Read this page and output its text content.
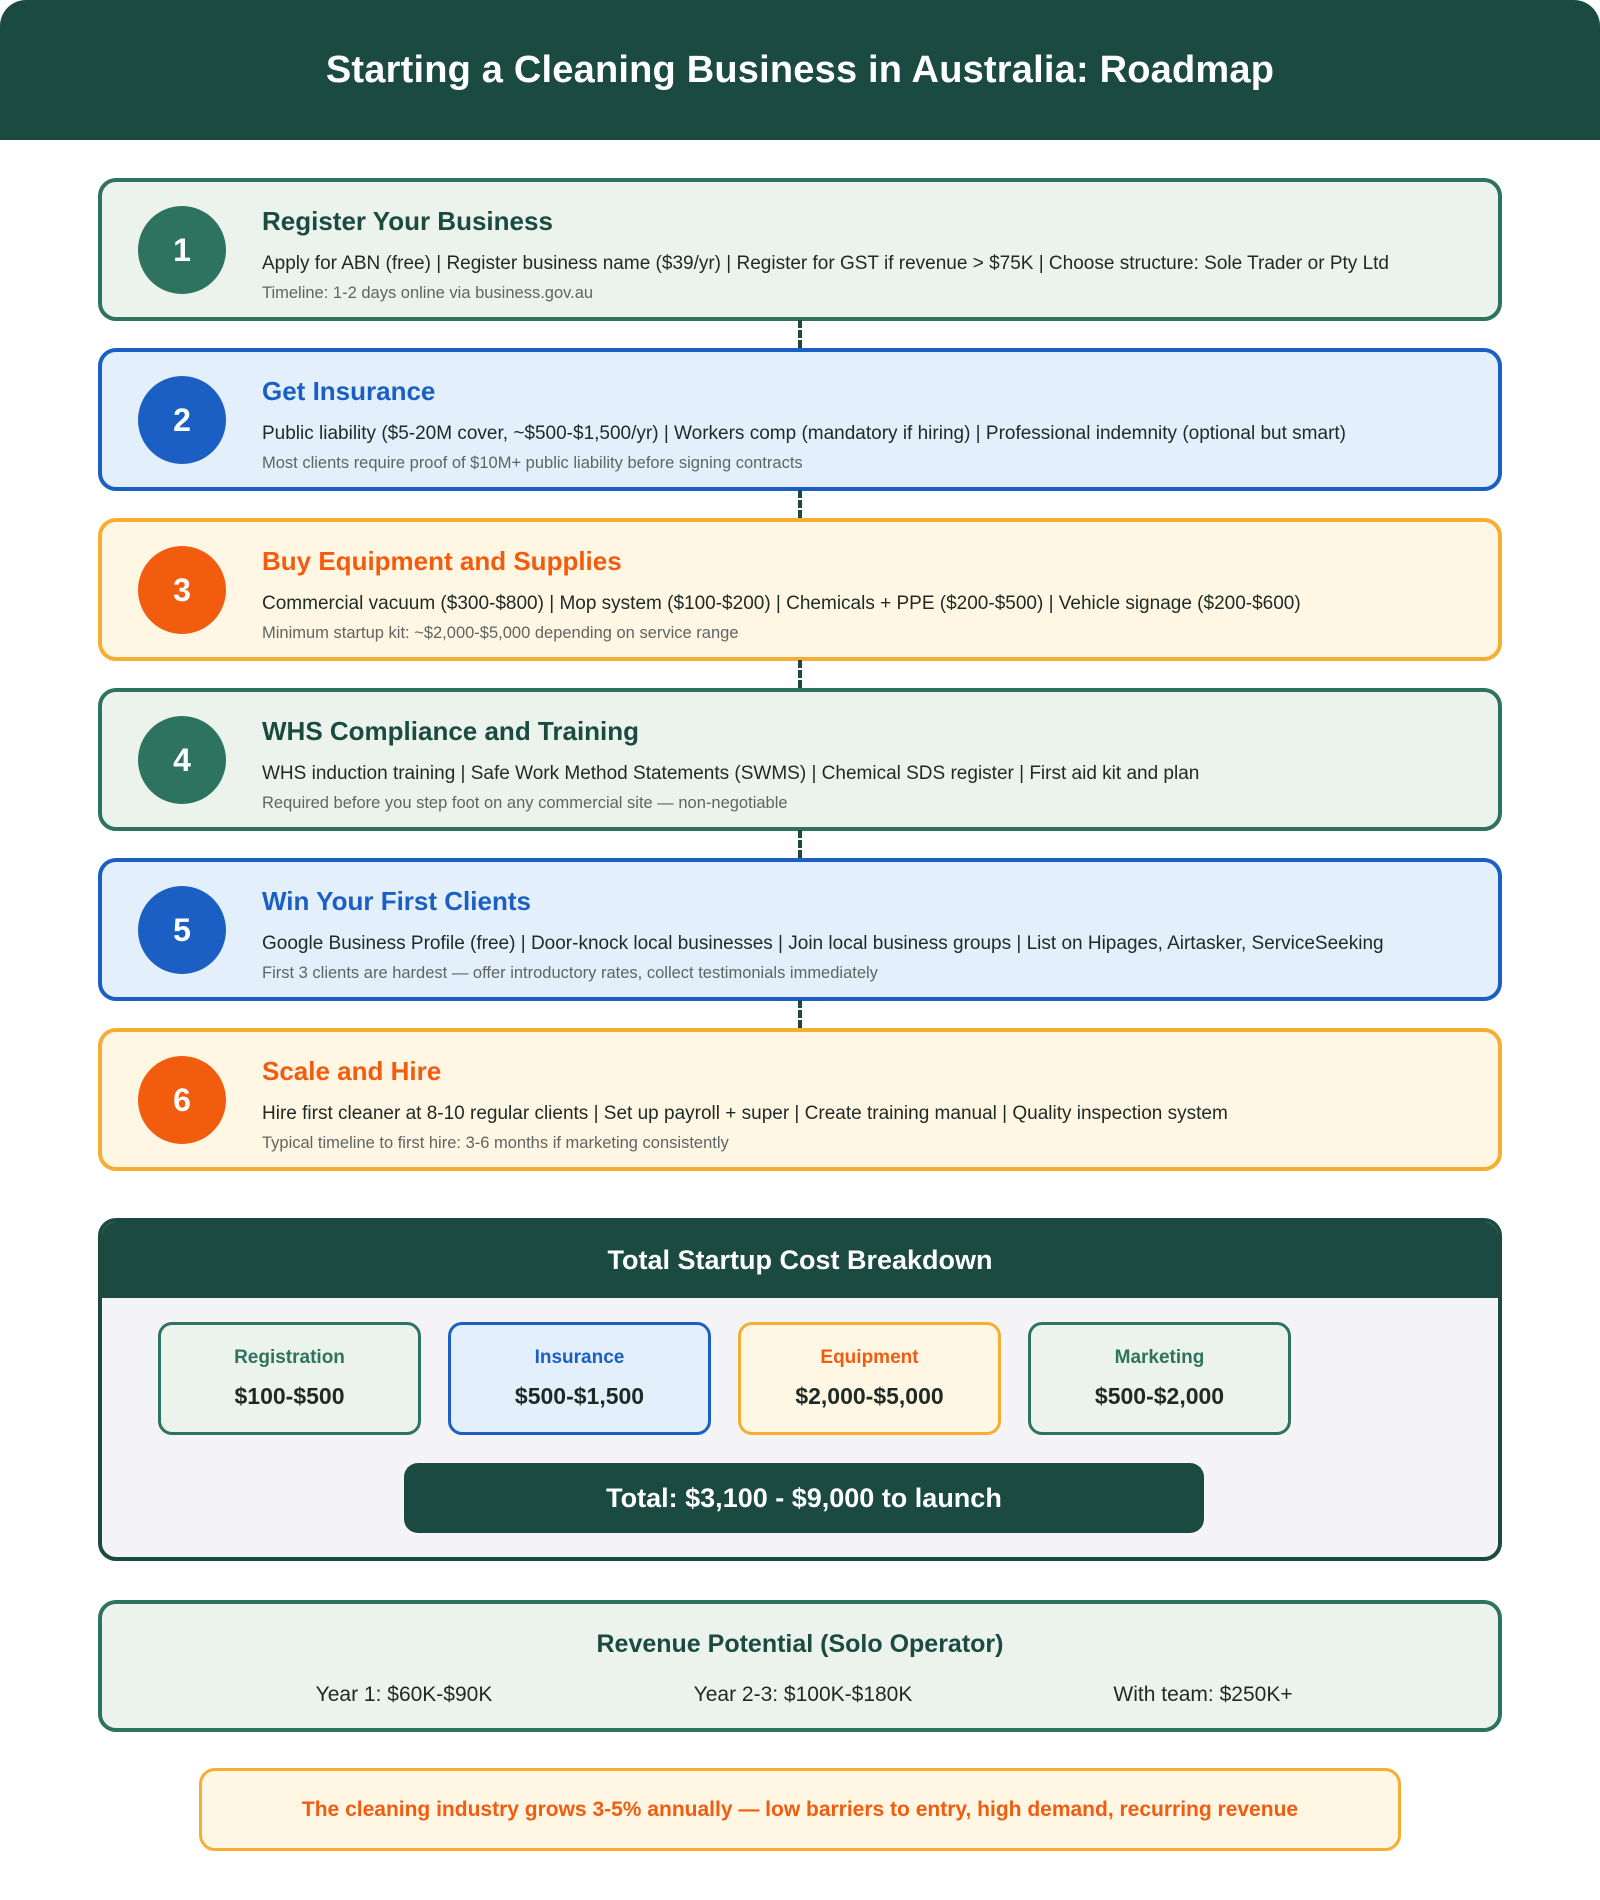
Starting a Cleaning Business in Australia: Roadmap
1
Register Your Business
Apply for ABN (free) | Register business name ($39/yr) | Register for GST if revenue > $75K | Choose structure: Sole Trader or Pty Ltd
Timeline: 1-2 days online via business.gov.au
2
Get Insurance
Public liability ($5-20M cover, ~$500-$1,500/yr) | Workers comp (mandatory if hiring) | Professional indemnity (optional but smart)
Most clients require proof of $10M+ public liability before signing contracts
3
Buy Equipment and Supplies
Commercial vacuum ($300-$800) | Mop system ($100-$200) | Chemicals + PPE ($200-$500) | Vehicle signage ($200-$600)
Minimum startup kit: ~$2,000-$5,000 depending on service range
4
WHS Compliance and Training
WHS induction training | Safe Work Method Statements (SWMS) | Chemical SDS register | First aid kit and plan
Required before you step foot on any commercial site — non-negotiable
5
Win Your First Clients
Google Business Profile (free) | Door-knock local businesses | Join local business groups | List on Hipages, Airtasker, ServiceSeeking
First 3 clients are hardest — offer introductory rates, collect testimonials immediately
6
Scale and Hire
Hire first cleaner at 8-10 regular clients | Set up payroll + super | Create training manual | Quality inspection system
Typical timeline to first hire: 3-6 months if marketing consistently
Total Startup Cost Breakdown
Registration
$100-$500
Insurance
$500-$1,500
Equipment
$2,000-$5,000
Marketing
$500-$2,000
Total: $3,100 - $9,000 to launch
Revenue Potential (Solo Operator)
Year 1: $60K-$90K	Year 2-3: $100K-$180K	With team: $250K+
The cleaning industry grows 3-5% annually — low barriers to entry, high demand, recurring revenue
